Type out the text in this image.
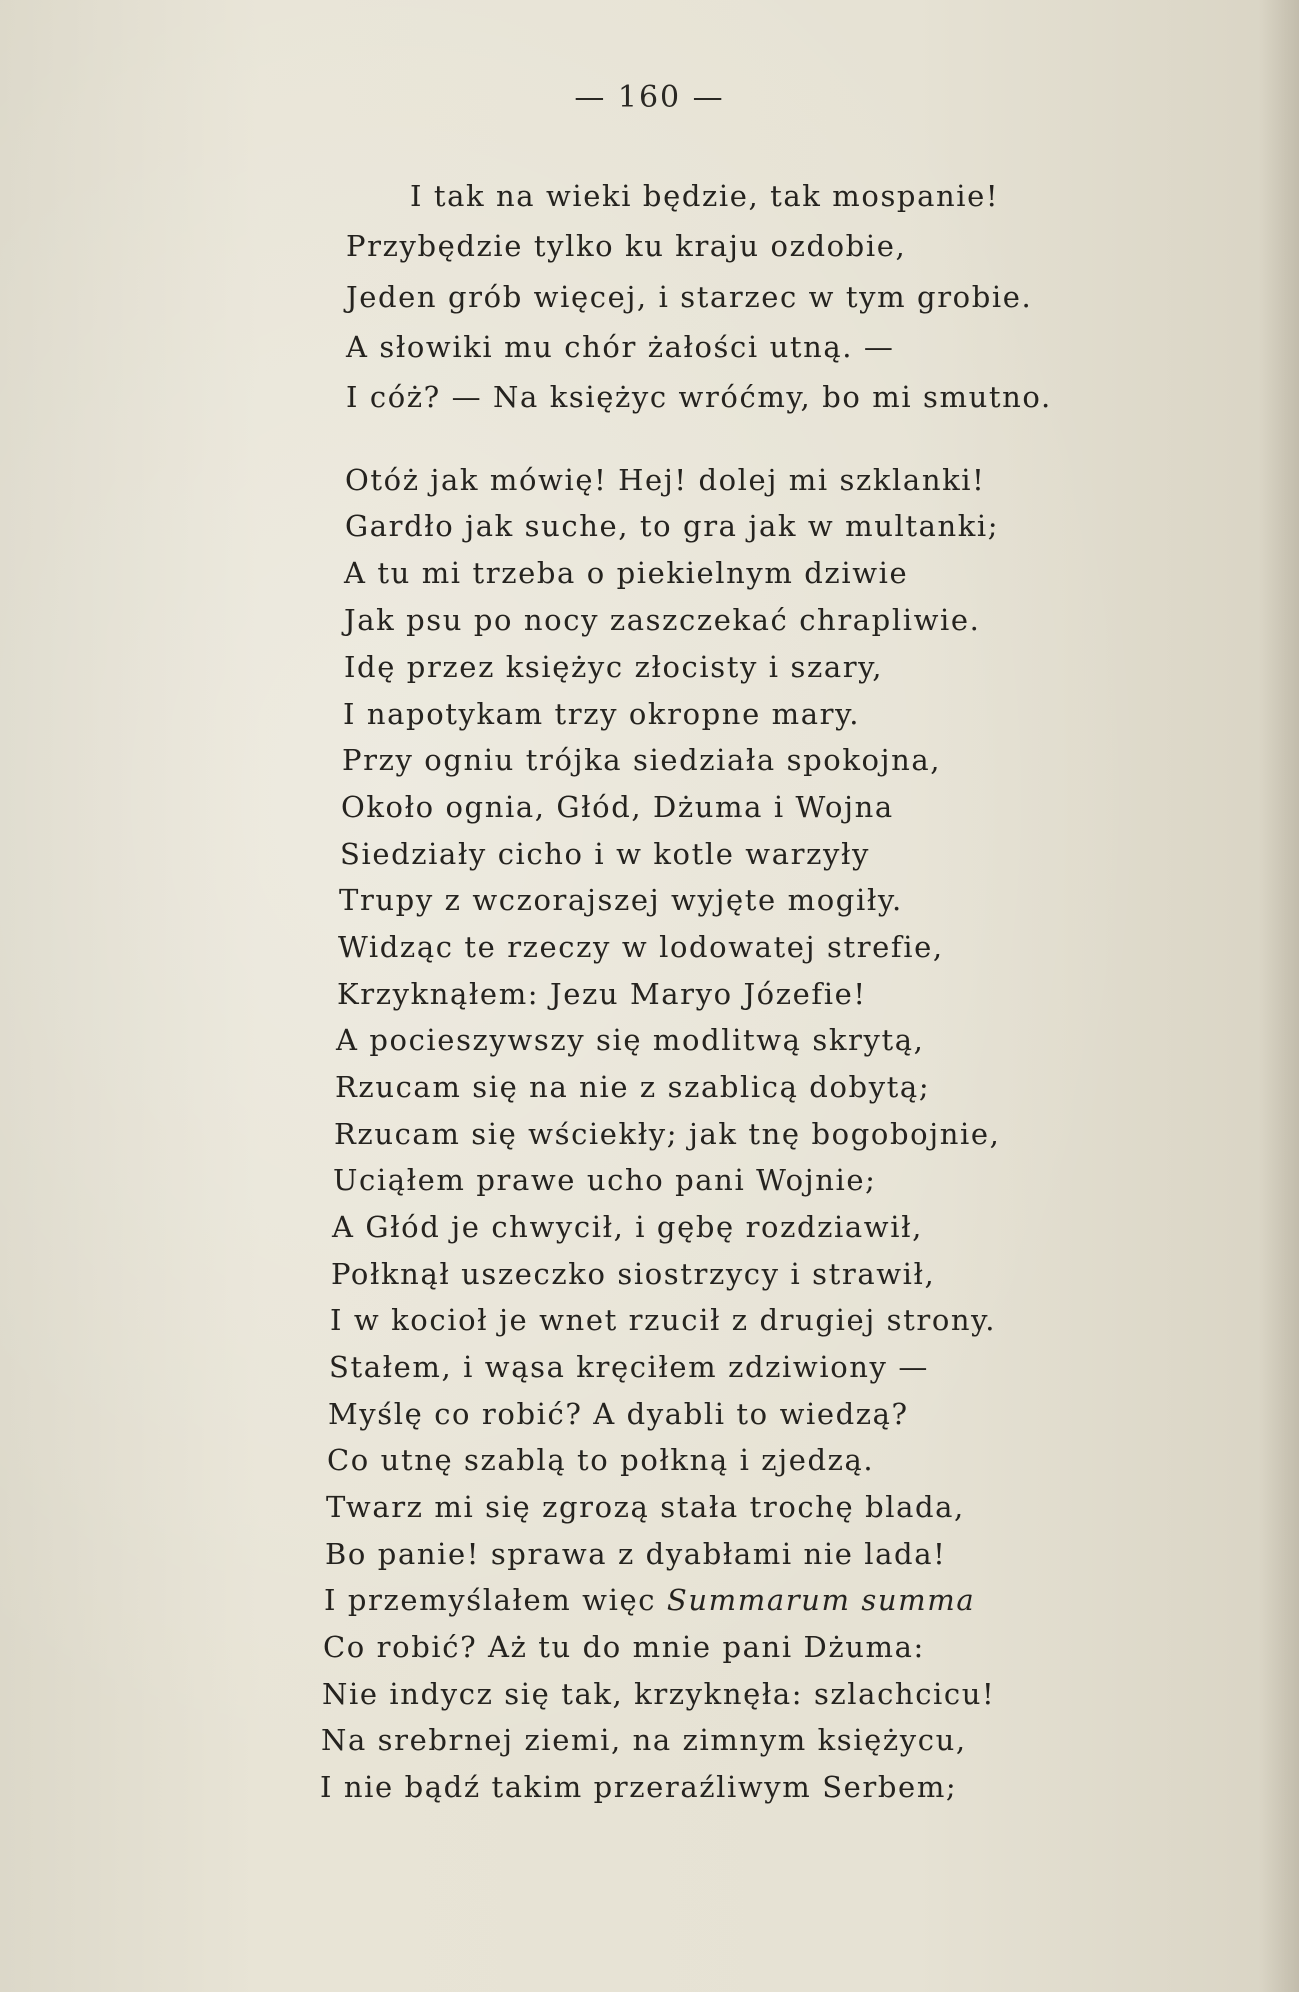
— 160 —
I tak na wieki będzie, tak mospanie!
Przybędzie tylko ku kraju ozdobie,
Jeden grób więcej, i starzec w tym grobie.
A słowiki mu chór żałości utną. —
I cóż? — Na księżyc wróćmy, bo mi smutno.
Otóż jak mówię! Hej! dolej mi szklanki!
Gardło jak suche, to gra jak w multanki;
A tu mi trzeba o piekielnym dziwie
Jak psu po nocy zaszczekać chrapliwie.
Idę przez księżyc złocisty i szary,
I napotykam trzy okropne mary.
Przy ogniu trójka siedziała spokojna,
Około ognia, Głód, Dżuma i Wojna
Siedziały cicho i w kotle warzyły
Trupy z wczorajszej wyjęte mogiły.
Widząc te rzeczy w lodowatej strefie,
Krzyknąłem: Jezu Maryo Józefie!
A pocieszywszy się modlitwą skrytą,
Rzucam się na nie z szablicą dobytą;
Rzucam się wściekły; jak tnę bogobojnie,
Uciąłem prawe ucho pani Wojnie;
A Głód je chwycił, i gębę rozdziawił,
Połknął uszeczko siostrzycy i strawił,
I w kocioł je wnet rzucił z drugiej strony.
Stałem, i wąsa kręciłem zdziwiony —
Myślę co robić? A dyabli to wiedzą?
Co utnę szablą to połkną i zjedzą.
Twarz mi się zgrozą stała trochę blada,
Bo panie! sprawa z dyabłami nie lada!
I przemyślałem więc Summarum summa
Co robić? Aż tu do mnie pani Dżuma:
Nie indycz się tak, krzyknęła: szlachcicu!
Na srebrnej ziemi, na zimnym księżycu,
I nie bądź takim przeraźliwym Serbem;
